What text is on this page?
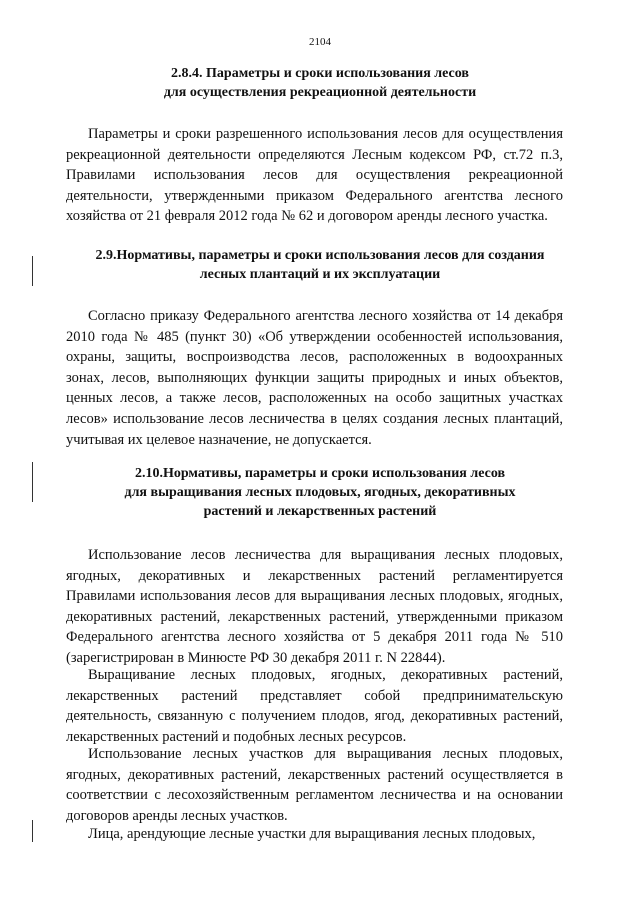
2104
2.8.4. Параметры и сроки использования лесов
для осуществления рекреационной деятельности

Параметры и сроки разрешенного использования лесов для осуществления рекреационной деятельности определяются Лесным кодексом РФ, ст.72 п.3, Правилами использования лесов для осуществления рекреационной деятельности, утвержденными приказом Федерального агентства лесного хозяйства от 21 февраля 2012 года № 62 и договором аренды лесного участка.

2.9.Нормативы, параметры и сроки использования лесов для создания
лесных плантаций и их эксплуатации

Согласно приказу Федерального агентства лесного хозяйства от 14 декабря 2010 года № 485 (пункт 30) «Об утверждении особенностей использования, охраны, защиты, воспроизводства лесов, расположенных в водоохранных зонах, лесов, выполняющих функции защиты природных и иных объектов, ценных лесов, а также лесов, расположенных на особо защитных участках лесов» использование лесов лесничества в целях создания лесных плантаций, учитывая их целевое назначение, не допускается.

2.10.Нормативы, параметры и сроки использования лесов
для выращивания лесных плодовых, ягодных, декоративных
растений и лекарственных растений

Использование лесов лесничества для выращивания лесных плодовых, ягодных, декоративных и лекарственных растений регламентируется Правилами использования лесов для выращивания лесных плодовых, ягодных, декоративных растений, лекарственных растений, утвержденными приказом Федерального агентства лесного хозяйства от 5 декабря 2011 года № 510 (зарегистрирован в Минюсте РФ 30 декабря 2011 г. N 22844).

Выращивание лесных плодовых, ягодных, декоративных растений, лекарственных растений представляет собой предпринимательскую деятельность, связанную с получением плодов, ягод, декоративных растений, лекарственных растений и подобных лесных ресурсов.

Использование лесных участков для выращивания лесных плодовых, ягодных, декоративных растений, лекарственных растений осуществляется в соответствии с лесохозяйственным регламентом лесничества и на основании договоров аренды лесных участков.

Лица, арендующие лесные участки для выращивания лесных плодовых,
